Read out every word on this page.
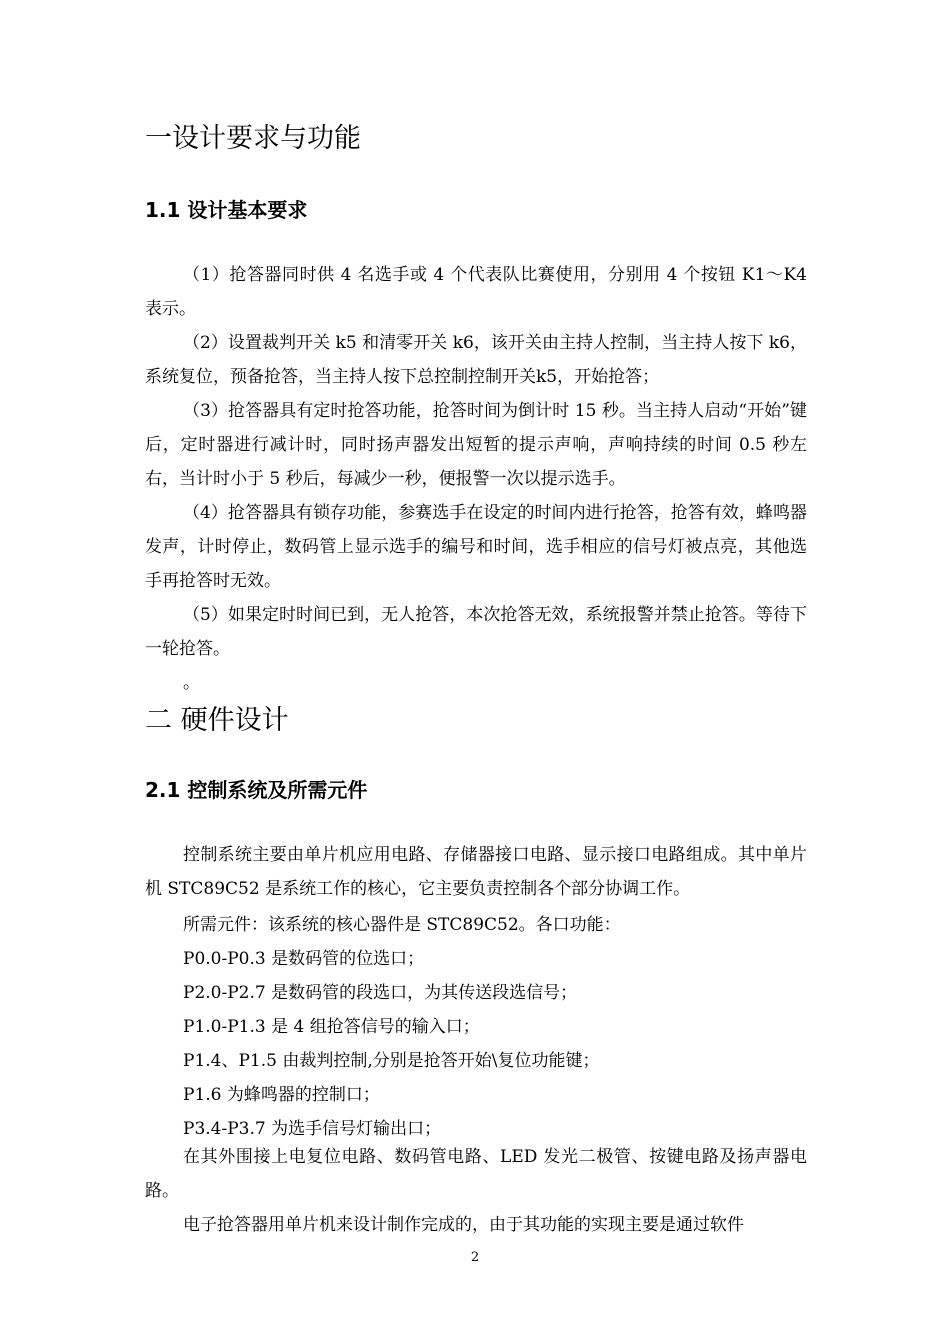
一设计要求与功能
1.1 设计基本要求
（1）抢答器同时供 4 名选手或 4 个代表队比赛使用，分别用 4 个按钮 K1～K4 表示。
（2）设置裁判开关 k5 和清零开关 k6，该开关由主持人控制，当主持人按下 k6，系统复位，预备抢答，当主持人按下总控制控制开关k5，开始抢答；
（3）抢答器具有定时抢答功能，抢答时间为倒计时 15 秒。当主持人启动“开始”键后，定时器进行减计时，同时扬声器发出短暂的提示声响，声响持续的时间 0.5 秒左右，当计时小于 5 秒后，每减少一秒，便报警一次以提示选手。
（4）抢答器具有锁存功能，参赛选手在设定的时间内进行抢答，抢答有效，蜂鸣器发声，计时停止，数码管上显示选手的编号和时间，选手相应的信号灯被点亮，其他选手再抢答时无效。
（5）如果定时时间已到，无人抢答，本次抢答无效，系统报警并禁止抢答。等待下一轮抢答。
。
二 硬件设计
2.1 控制系统及所需元件
控制系统主要由单片机应用电路、存储器接口电路、显示接口电路组成。其中单片机 STC89C52 是系统工作的核心，它主要负责控制各个部分协调工作。
所需元件：该系统的核心器件是 STC89C52。各口功能：
P0.0-P0.3 是数码管的位选口；
P2.0-P2.7 是数码管的段选口，为其传送段选信号；
P1.0-P1.3 是 4 组抢答信号的输入口；
P1.4、P1.5 由裁判控制,分别是抢答开始\复位功能键；
P1.6 为蜂鸣器的控制口；
P3.4-P3.7 为选手信号灯输出口；
在其外围接上电复位电路、数码管电路、LED 发光二极管、按键电路及扬声器电路。
电子抢答器用单片机来设计制作完成的，由于其功能的实现主要是通过软件
2
